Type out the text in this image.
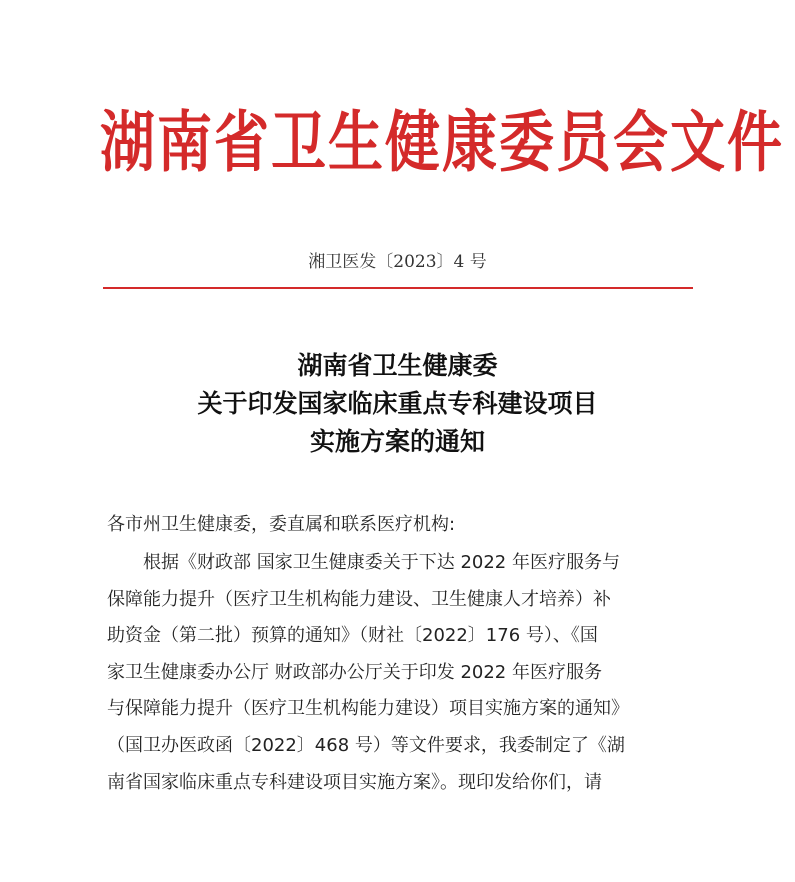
湖南省卫生健康委员会文件
湘卫医发〔2023〕4 号
湖南省卫生健康委
关于印发国家临床重点专科建设项目
实施方案的通知
各市州卫生健康委，委直属和联系医疗机构:
　　根据《财政部 国家卫生健康委关于下达 2022 年医疗服务与
保障能力提升（医疗卫生机构能力建设、卫生健康人才培养）补
助资金（第二批）预算的通知》（财社〔2022〕176 号）、《国
家卫生健康委办公厅 财政部办公厅关于印发 2022 年医疗服务
与保障能力提升（医疗卫生机构能力建设）项目实施方案的通知》
（国卫办医政函〔2022〕468 号）等文件要求，我委制定了《湖
南省国家临床重点专科建设项目实施方案》。现印发给你们，请
